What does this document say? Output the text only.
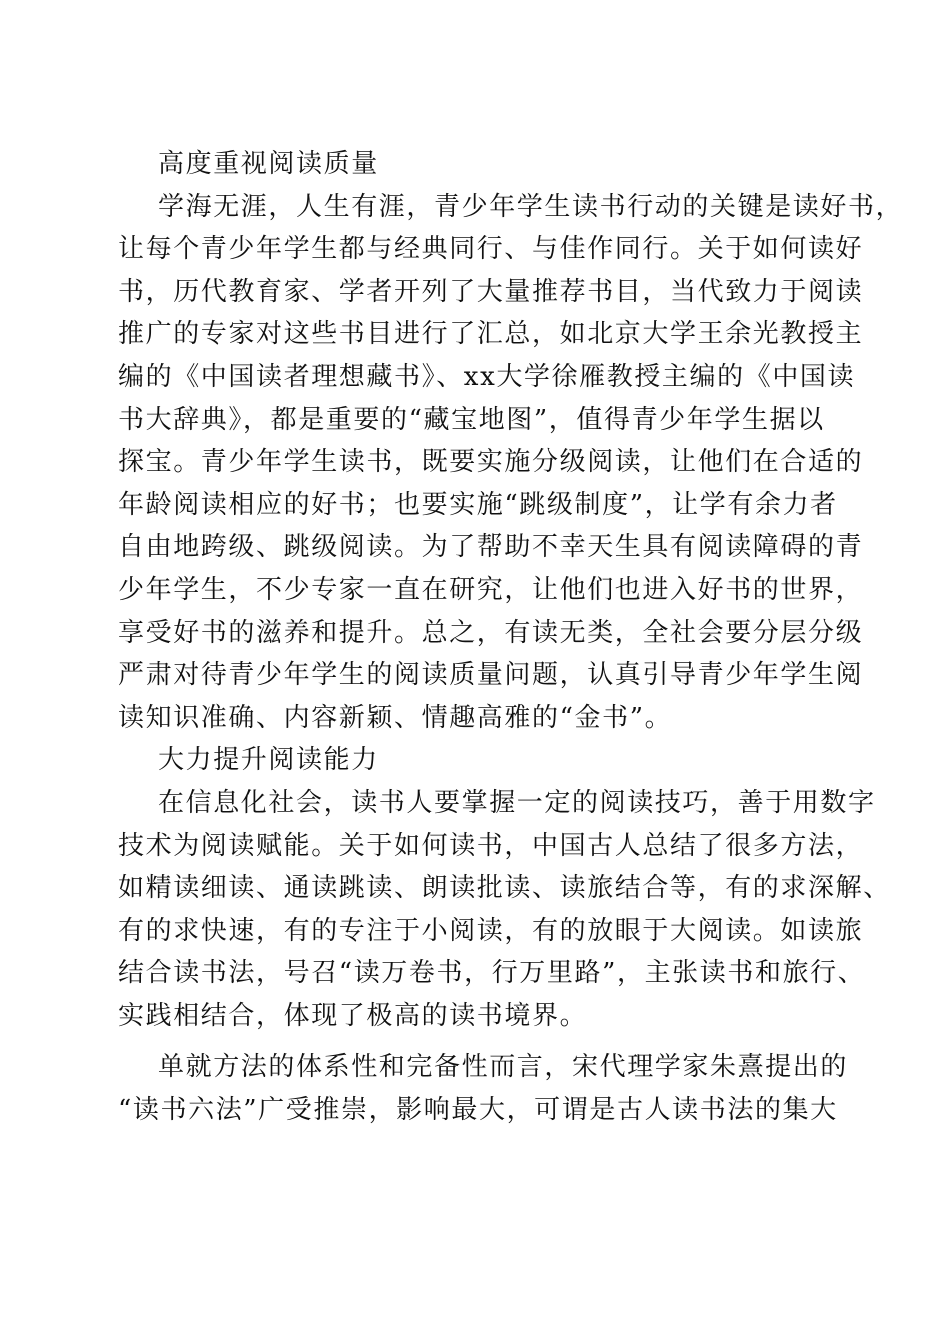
高度重视阅读质量
学海无涯，人生有涯，青少年学生读书行动的关键是读好书，
让每个青少年学生都与经典同行、与佳作同行。关于如何读好
书，历代教育家、学者开列了大量推荐书目，当代致力于阅读
推广的专家对这些书目进行了汇总，如北京大学王余光教授主
编的《中国读者理想藏书》、xx大学徐雁教授主编的《中国读
书大辞典》，都是重要的“藏宝地图”，值得青少年学生据以
探宝。青少年学生读书，既要实施分级阅读，让他们在合适的
年龄阅读相应的好书；也要实施“跳级制度”，让学有余力者
自由地跨级、跳级阅读。为了帮助不幸天生具有阅读障碍的青
少年学生，不少专家一直在研究，让他们也进入好书的世界，
享受好书的滋养和提升。总之，有读无类，全社会要分层分级
严肃对待青少年学生的阅读质量问题，认真引导青少年学生阅
读知识准确、内容新颖、情趣高雅的“金书”。
大力提升阅读能力
在信息化社会，读书人要掌握一定的阅读技巧，善于用数字
技术为阅读赋能。关于如何读书，中国古人总结了很多方法，
如精读细读、通读跳读、朗读批读、读旅结合等，有的求深解、
有的求快速，有的专注于小阅读，有的放眼于大阅读。如读旅
结合读书法，号召“读万卷书，行万里路”，主张读书和旅行、
实践相结合，体现了极高的读书境界。
单就方法的体系性和完备性而言，宋代理学家朱熹提出的
“读书六法”广受推崇，影响最大，可谓是古人读书法的集大
